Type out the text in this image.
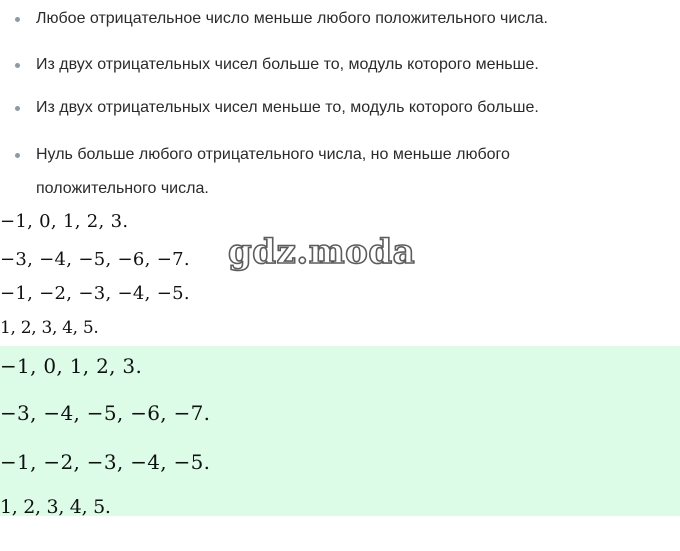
Любое отрицательное число меньше любого положительного числа.
Из двух отрицательных чисел больше то, модуль которого меньше.
Из двух отрицательных чисел меньше то, модуль которого больше.
Нуль больше любого отрицательного числа, но меньше любого положительного числа.
−1, 0, 1, 2, 3.
−3, −4, −5, −6, −7.
−1, −2, −3, −4, −5.
1, 2, 3, 4, 5.
gdz.moda
−1, 0, 1, 2, 3.
−3, −4, −5, −6, −7.
−1, −2, −3, −4, −5.
1, 2, 3, 4, 5.
